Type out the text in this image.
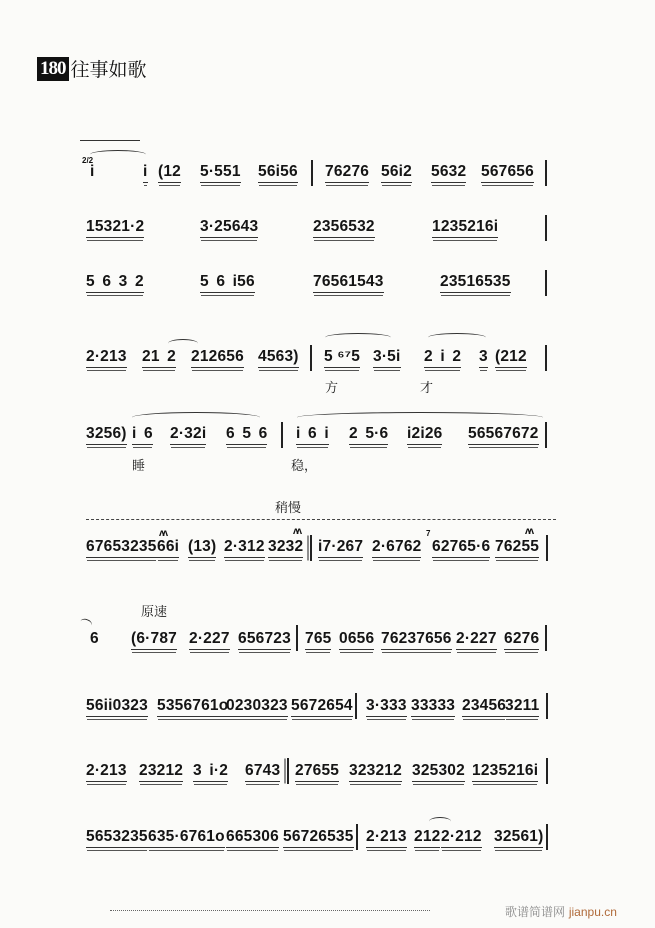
180 往事如歌
2/2
i	i (12 5·551 56i56 76276 56i2 5632 567656
15321·2	3·25643	2356532	1235216i
5 6 3 2	5 6 i56	76561543	23516535
2·213 21 2 212656 4563) 5 ⁶⁷5 3·5i 2 i 2 3 (212
方	才
3256) i 6 2·32i 6 5 6 i 6 i 2 5·6 i2i26 56567672
睡	稳，
稍慢
67653235
ᴧᴧ
66i (13) 2·312
ᴧᴧ
3232 i7·267 2·6762
7
62765·6
ᴧᴧ
76255
原速
6 (6·787 2·227 656723 765 0656 76237656 2·227 6276
56ii0323 5356761o
0230323 5672654 3·333 33333 23456
3211
2·213 23212 3 i·2 6743 27655 323212 325302 1235216i
5653235 635·6761o 665306 56726535 2·213 212 2·212 32561)
歌谱简谱网 jianpu.cn
